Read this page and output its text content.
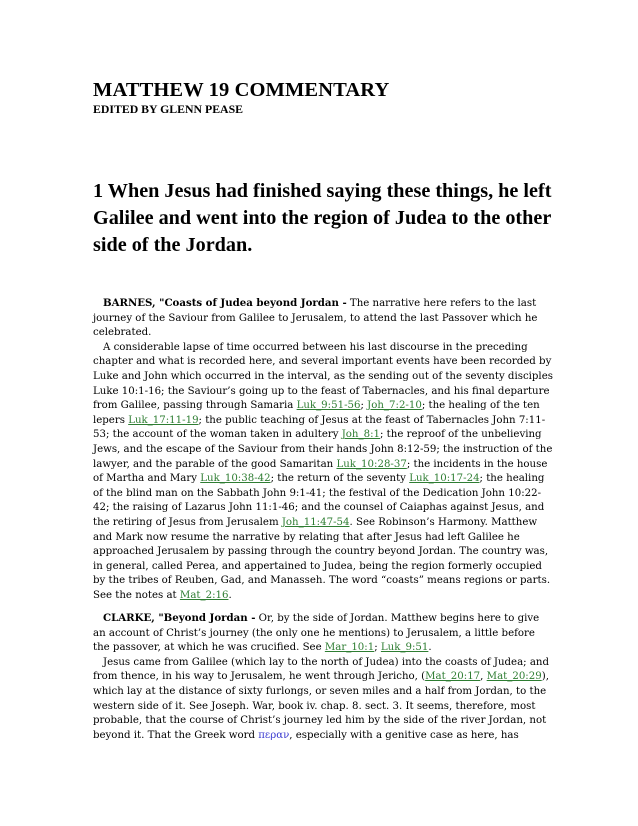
MATTHEW 19 COMMENTARY
EDITED BY GLENN PEASE
1 When Jesus had finished saying these things, he left Galilee and went into the region of Judea to the other side of the Jordan.

BARNES, "Coasts of Judea beyond Jordan - The narrative here refers to the last journey of the Saviour from Galilee to Jerusalem, to attend the last Passover which he celebrated.

A considerable lapse of time occurred between his last discourse in the preceding chapter and what is recorded here, and several important events have been recorded by Luke and John which occurred in the interval, as the sending out of the seventy disciples Luke 10:1-16; the Saviour’s going up to the feast of Tabernacles, and his final departure from Galilee, passing through Samaria Luk_9:51-56; Joh_7:2-10; the healing of the ten lepers Luk_17:11-19; the public teaching of Jesus at the feast of Tabernacles John 7:11-53; the account of the woman taken in adultery Joh_8:1; the reproof of the unbelieving Jews, and the escape of the Saviour from their hands John 8:12-59; the instruction of the lawyer, and the parable of the good Samaritan Luk_10:28-37; the incidents in the house of Martha and Mary Luk_10:38-42; the return of the seventy Luk_10:17-24; the healing of the blind man on the Sabbath John 9:1-41; the festival of the Dedication John 10:22-42; the raising of Lazarus John 11:1-46; and the counsel of Caiaphas against Jesus, and the retiring of Jesus from Jerusalem Joh_11:47-54. See Robinson’s Harmony. Matthew and Mark now resume the narrative by relating that after Jesus had left Galilee he approached Jerusalem by passing through the country beyond Jordan. The country was, in general, called Perea, and appertained to Judea, being the region formerly occupied by the tribes of Reuben, Gad, and Manasseh. The word “coasts” means regions or parts. See the notes at Mat_2:16.

CLARKE, "Beyond Jordan - Or, by the side of Jordan. Matthew begins here to give an account of Christ’s journey (the only one he mentions) to Jerusalem, a little before the passover, at which he was crucified. See Mar_10:1; Luk_9:51.

Jesus came from Galilee (which lay to the north of Judea) into the coasts of Judea; and from thence, in his way to Jerusalem, he went through Jericho, (Mat_20:17, Mat_20:29), which lay at the distance of sixty furlongs, or seven miles and a half from Jordan, to the western side of it. See Joseph. War, book iv. chap. 8. sect. 3. It seems, therefore, most probable, that the course of Christ’s journey led him by the side of the river Jordan, not beyond it. That the Greek word περαν, especially with a genitive case as here, has
